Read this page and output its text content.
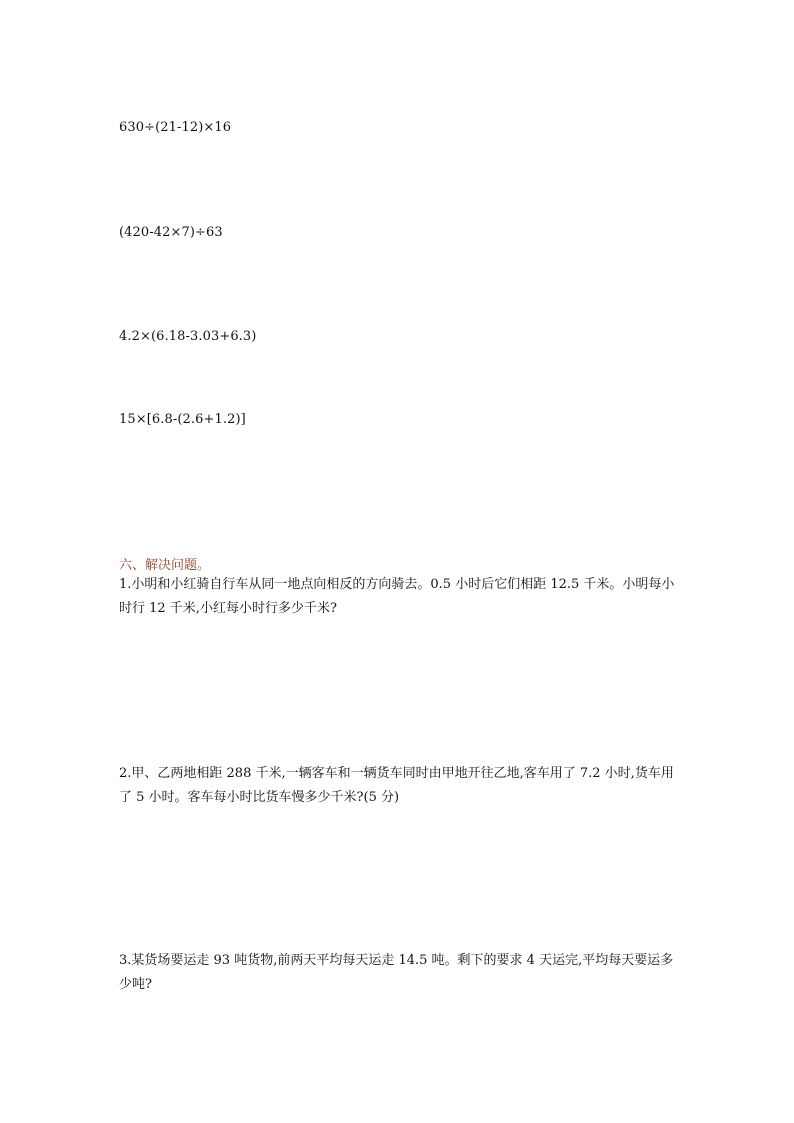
630÷(21-12)×16
(420-42×7)÷63
4.2×(6.18-3.03+6.3)
15×[6.8-(2.6+1.2)]
六、解决问题。
1.小明和小红骑自行车从同一地点向相反的方向骑去。0.5 小时后它们相距 12.5 千米。小明每小时行 12 千米,小红每小时行多少千米?
2.甲、乙两地相距 288 千米,一辆客车和一辆货车同时由甲地开往乙地,客车用了 7.2 小时,货车用了 5 小时。客车每小时比货车慢多少千米?(5 分)
3.某货场要运走 93 吨货物,前两天平均每天运走 14.5 吨。剩下的要求 4 天运完,平均每天要运多少吨?
